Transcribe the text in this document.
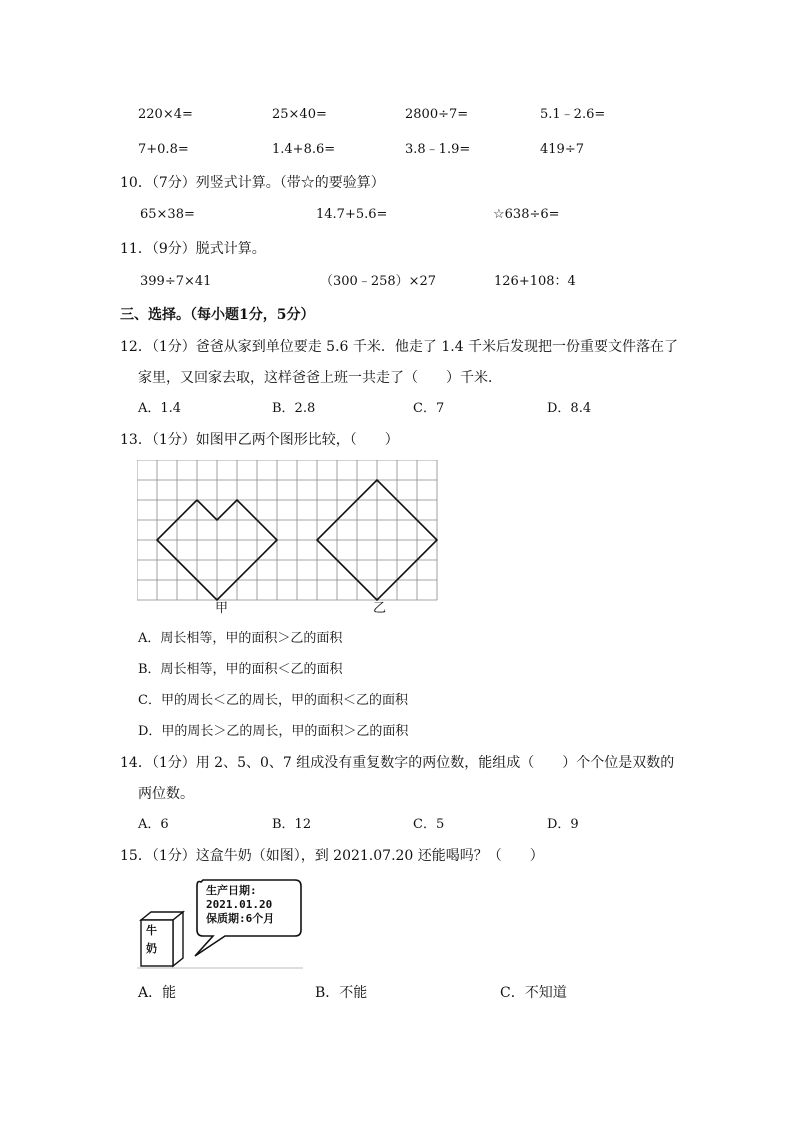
220×4=	25×40=	2800÷7=	5.1﹣2.6=
7+0.8=	1.4+8.6=	3.8﹣1.9=	419÷7
10．（7分）列竖式计算。（带☆的要验算）
65×38=	14.7+5.6=	☆638÷6=
11．（9分）脱式计算。
399÷7×41	（300﹣258）×27	126+108：4
三、选择。（每小题1分，5分）
12．（1分）爸爸从家到单位要走 5.6 千米．他走了 1.4 千米后发现把一份重要文件落在了
家里，又回家去取，这样爸爸上班一共走了（　　）千米．
A．1.4	B．2.8	C．7	D．8.4
13．（1分）如图甲乙两个图形比较，（　　）
甲	乙
A．周长相等，甲的面积＞乙的面积
B．周长相等，甲的面积＜乙的面积
C．甲的周长＜乙的周长，甲的面积＜乙的面积
D．甲的周长＞乙的周长，甲的面积＞乙的面积
14．（1分）用 2、5、0、7 组成没有重复数字的两位数，能组成（　　）个个位是双数的
两位数。
A．6	B．12	C．5	D．9
15．（1分）这盒牛奶（如图），到 2021.07.20 还能喝吗？（　　）
牛
奶
生产日期:
2021.01.20
保质期:6个月
A．能	B．不能	C．不知道
